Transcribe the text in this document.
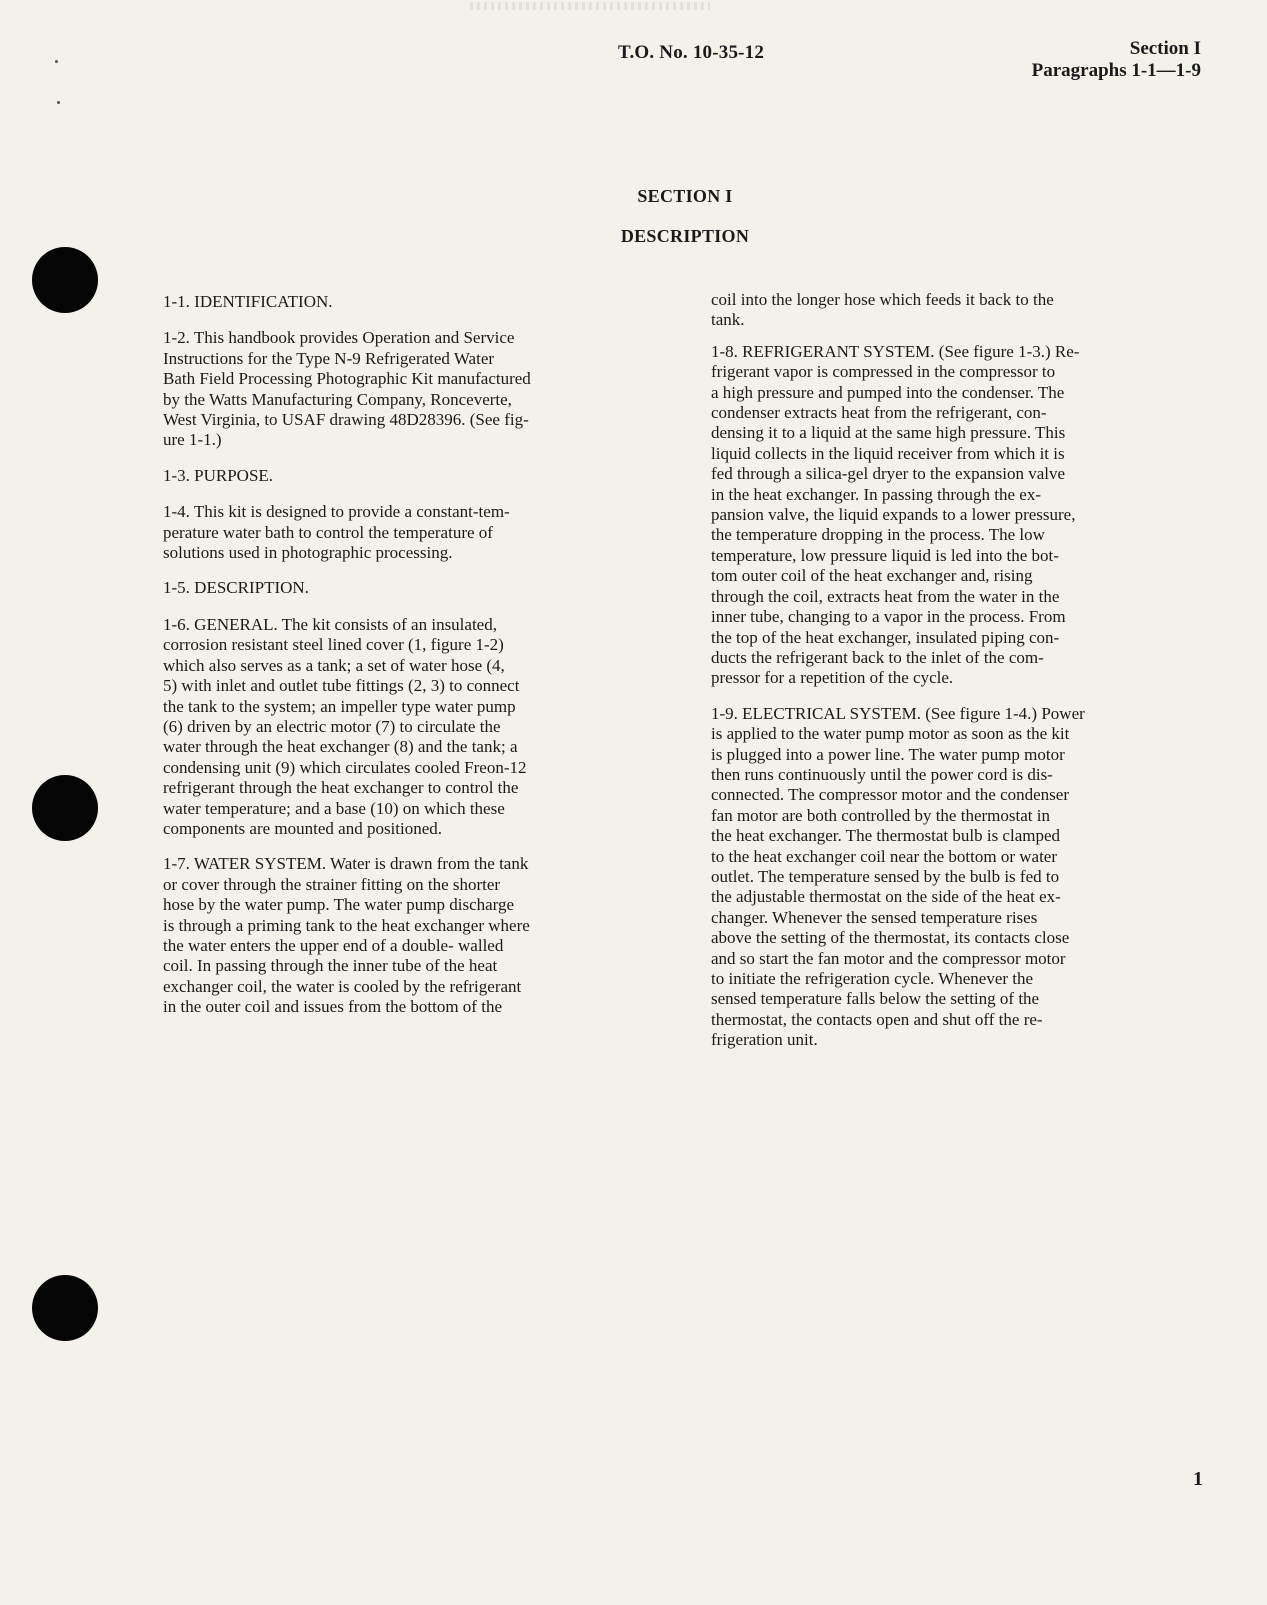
T.O. No. 10-35-12	Section I
Paragraphs 1-1—1-9
SECTION I
DESCRIPTION

1-1. IDENTIFICATION.

1-2. This handbook provides Operation and Service
Instructions for the Type N-9 Refrigerated Water
Bath Field Processing Photographic Kit manufactured
by the Watts Manufacturing Company, Ronceverte,
West Virginia, to USAF drawing 48D28396. (See fig-
ure 1-1.)

1-3. PURPOSE.

1-4. This kit is designed to provide a constant-tem-
perature water bath to control the temperature of
solutions used in photographic processing.

1-5. DESCRIPTION.

1-6. GENERAL. The kit consists of an insulated,
corrosion resistant steel lined cover (1, figure 1-2)
which also serves as a tank; a set of water hose (4,
5) with inlet and outlet tube fittings (2, 3) to connect
the tank to the system; an impeller type water pump
(6) driven by an electric motor (7) to circulate the
water through the heat exchanger (8) and the tank; a
condensing unit (9) which circulates cooled Freon-12
refrigerant through the heat exchanger to control the
water temperature; and a base (10) on which these
components are mounted and positioned.

1-7. WATER SYSTEM. Water is drawn from the tank
or cover through the strainer fitting on the shorter
hose by the water pump. The water pump discharge
is through a priming tank to the heat exchanger where
the water enters the upper end of a double- walled
coil. In passing through the inner tube of the heat
exchanger coil, the water is cooled by the refrigerant
in the outer coil and issues from the bottom of the

coil into the longer hose which feeds it back to the
tank.

1-8. REFRIGERANT SYSTEM. (See figure 1-3.) Re-
frigerant vapor is compressed in the compressor to
a high pressure and pumped into the condenser. The
condenser extracts heat from the refrigerant, con-
densing it to a liquid at the same high pressure. This
liquid collects in the liquid receiver from which it is
fed through a silica-gel dryer to the expansion valve
in the heat exchanger. In passing through the ex-
pansion valve, the liquid expands to a lower pressure,
the temperature dropping in the process. The low
temperature, low pressure liquid is led into the bot-
tom outer coil of the heat exchanger and, rising
through the coil, extracts heat from the water in the
inner tube, changing to a vapor in the process. From
the top of the heat exchanger, insulated piping con-
ducts the refrigerant back to the inlet of the com-
pressor for a repetition of the cycle.

1-9. ELECTRICAL SYSTEM. (See figure 1-4.) Power
is applied to the water pump motor as soon as the kit
is plugged into a power line. The water pump motor
then runs continuously until the power cord is dis-
connected. The compressor motor and the condenser
fan motor are both controlled by the thermostat in
the heat exchanger. The thermostat bulb is clamped
to the heat exchanger coil near the bottom or water
outlet. The temperature sensed by the bulb is fed to
the adjustable thermostat on the side of the heat ex-
changer. Whenever the sensed temperature rises
above the setting of the thermostat, its contacts close
and so start the fan motor and the compressor motor
to initiate the refrigeration cycle. Whenever the
sensed temperature falls below the setting of the
thermostat, the contacts open and shut off the re-
frigeration unit.

1
